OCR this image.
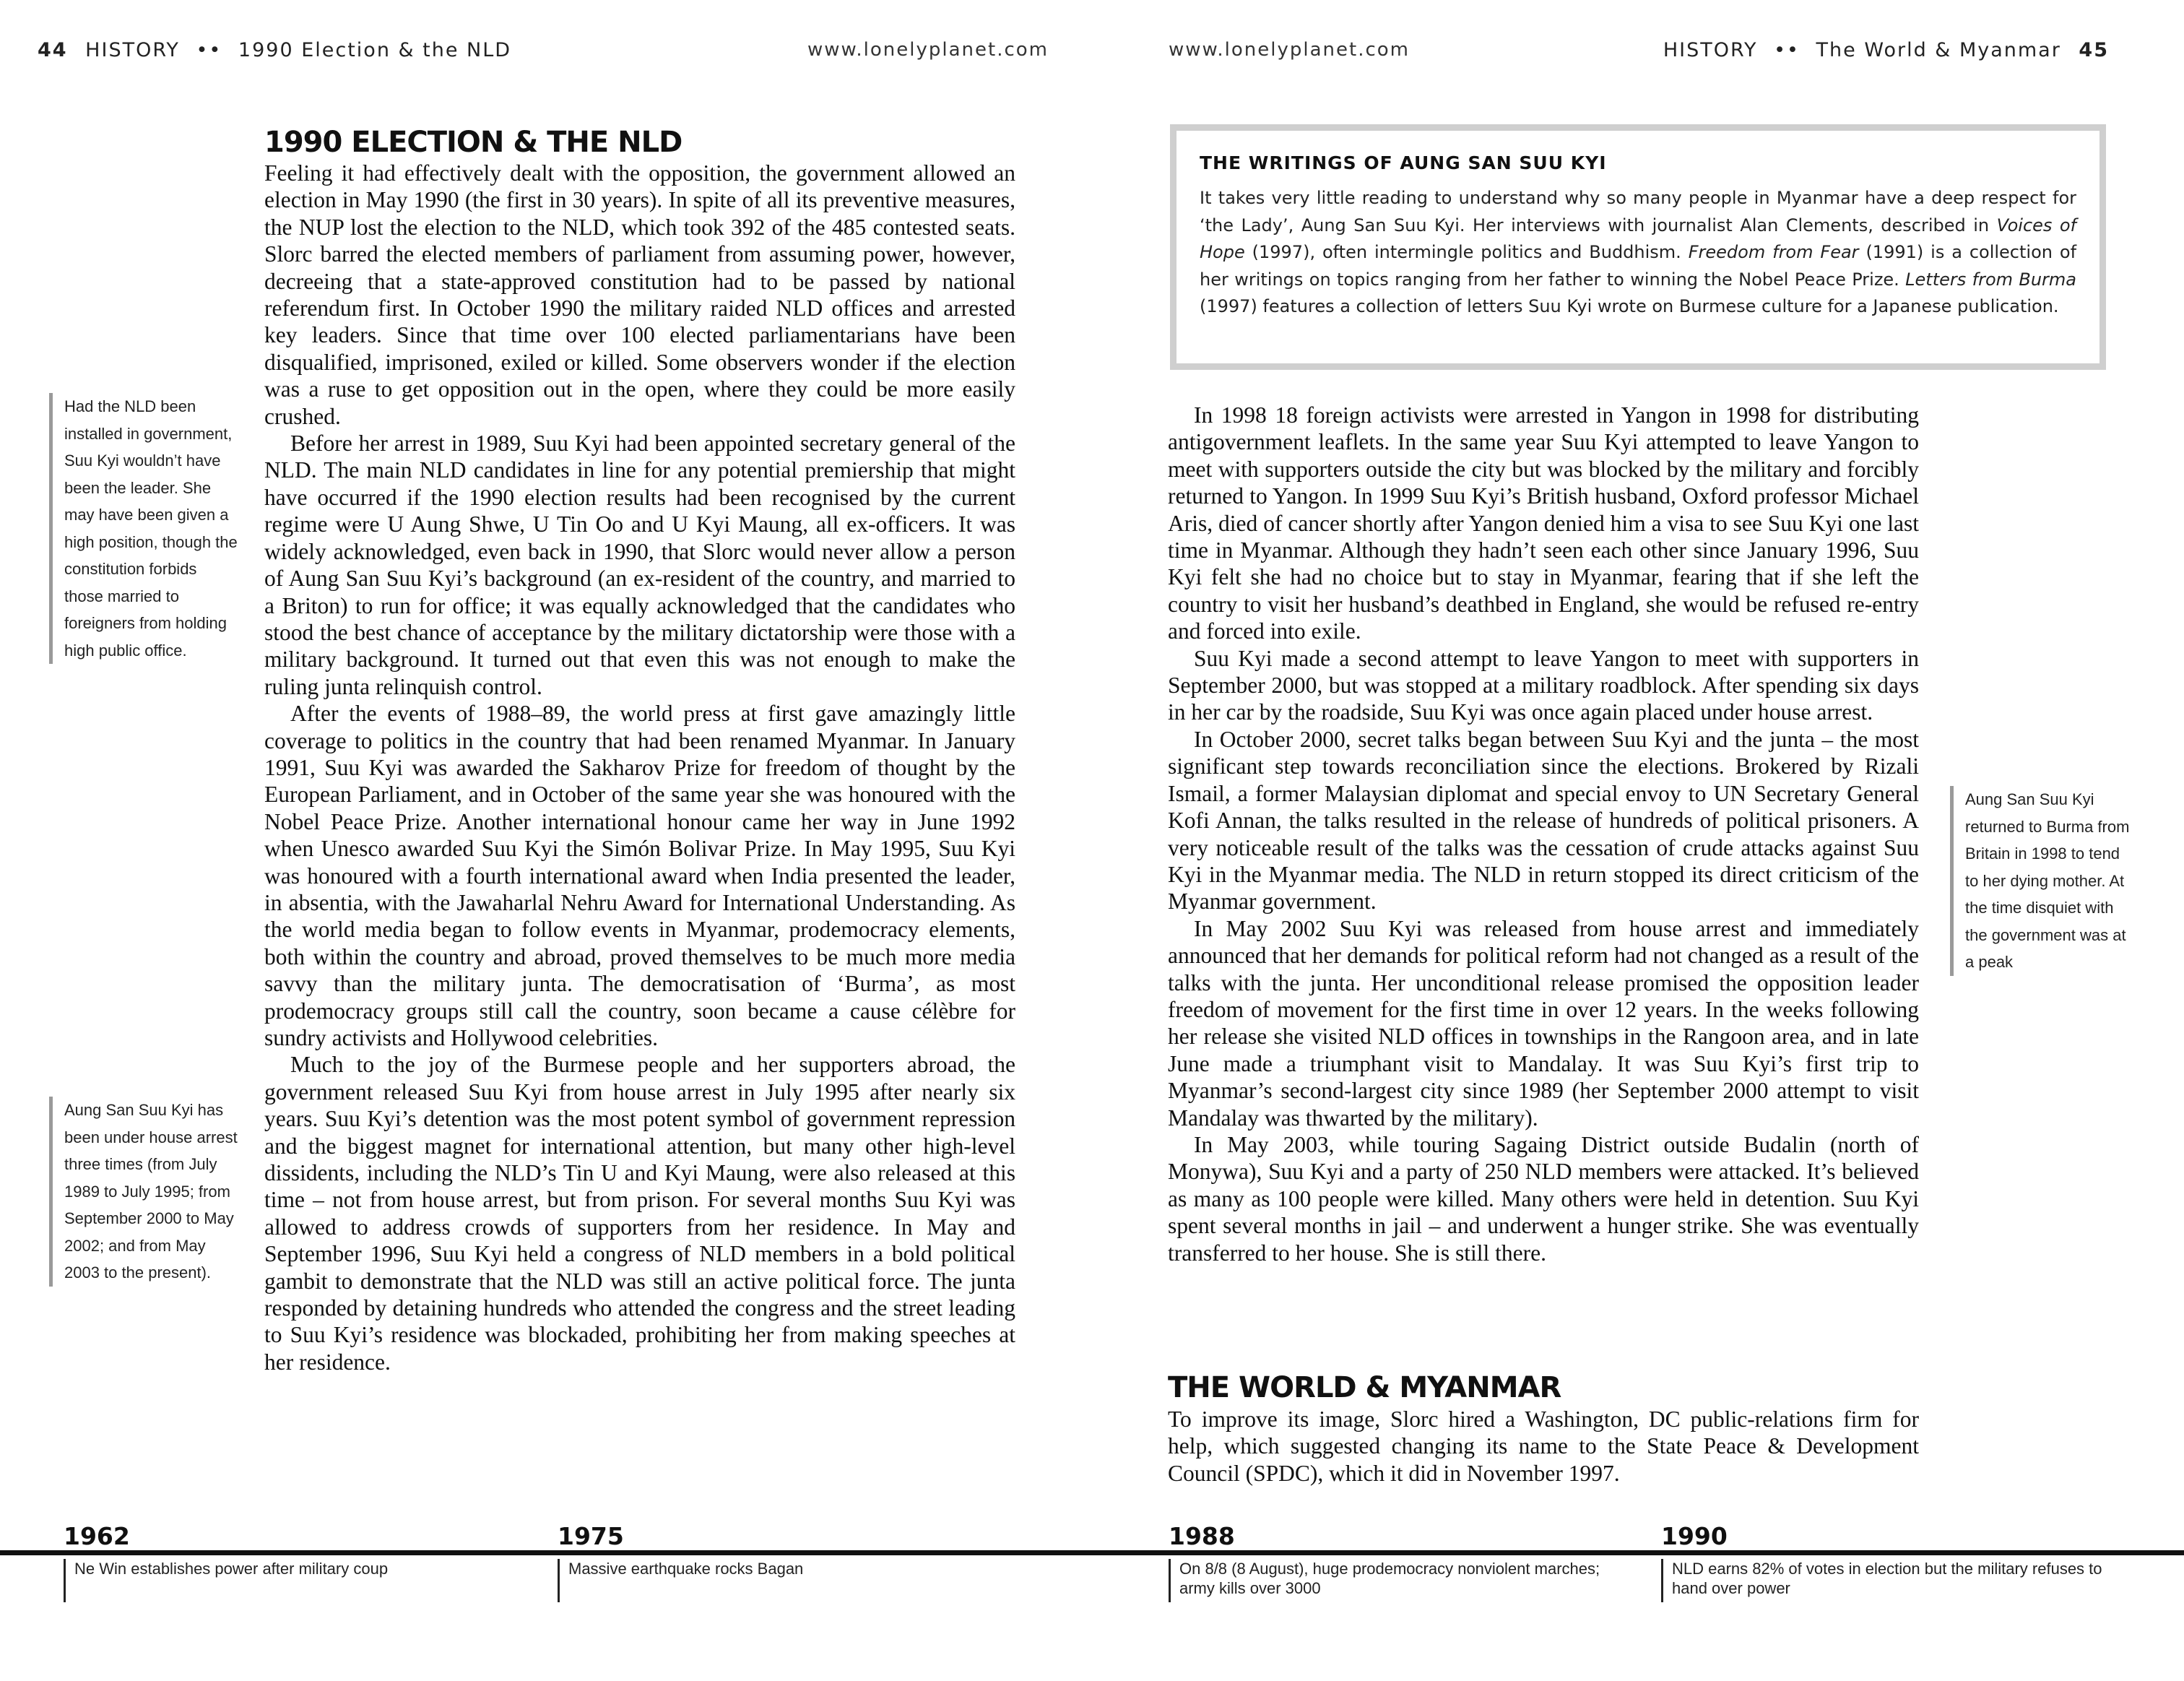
44 HISTORY •• 1990 Election & the NLD	www.lonelyplanet.com
1990 ELECTION & THE NLD

Feeling it had effectively dealt with the opposition, the government allowed an election in May 1990 (the first in 30 years). In spite of all its preventive measures, the NUP lost the election to the NLD, which took 392 of the 485 contested seats. Slorc barred the elected members of parliament from assuming power, however, decreeing that a state-approved constitution had to be passed by national referendum first. In October 1990 the military raided NLD offices and arrested key leaders. Since that time over 100 elected parliamentarians have been disqualified, imprisoned, exiled or killed. Some observers wonder if the election was a ruse to get opposition out in the open, where they could be more easily crushed.

Before her arrest in 1989, Suu Kyi had been appointed secretary general of the NLD. The main NLD candidates in line for any potential premiership that might have occurred if the 1990 election results had been recognised by the current regime were U Aung Shwe, U Tin Oo and U Kyi Maung, all ex-officers. It was widely acknowledged, even back in 1990, that Slorc would never allow a person of Aung San Suu Kyi’s background (an ex-resident of the country, and married to a Briton) to run for office; it was equally acknowledged that the candidates who stood the best chance of acceptance by the military dictatorship were those with a military background. It turned out that even this was not enough to make the ruling junta relinquish control.

After the events of 1988–89, the world press at first gave amazingly little coverage to politics in the country that had been renamed Myanmar. In January 1991, Suu Kyi was awarded the Sakharov Prize for freedom of thought by the European Parliament, and in October of the same year she was honoured with the Nobel Peace Prize. Another international honour came her way in June 1992 when Unesco awarded Suu Kyi the Simón Bolivar Prize. In May 1995, Suu Kyi was honoured with a fourth international award when India presented the leader, in absentia, with the Jawaharlal Nehru Award for International Understanding. As the world media began to follow events in Myanmar, prodemocracy elements, both within the country and abroad, proved themselves to be much more media savvy than the military junta. The democratisation of ‘Burma’, as most prodemocracy groups still call the country, soon became a cause célèbre for sundry activists and Hollywood celebrities.

Much to the joy of the Burmese people and her supporters abroad, the government released Suu Kyi from house arrest in July 1995 after nearly six years. Suu Kyi’s detention was the most potent symbol of government repression and the biggest magnet for international attention, but many other high-level dissidents, including the NLD’s Tin U and Kyi Maung, were also released at this time – not from house arrest, but from prison. For several months Suu Kyi was allowed to address crowds of supporters from her residence. In May and September 1996, Suu Kyi held a congress of NLD members in a bold political gambit to demonstrate that the NLD was still an active political force. The junta responded by detaining hundreds who attended the congress and the street leading to Suu Kyi’s residence was blockaded, prohibiting her from making speeches at her residence.

Had the NLD been installed in government, Suu Kyi wouldn’t have been the leader. She may have been given a high position, though the constitution forbids those married to foreigners from holding high public office.
Aung San Suu Kyi has been under house arrest three times (from July 1989 to July 1995; from September 2000 to May 2002; and from May 2003 to the present).
www.lonelyplanet.com	HISTORY •• The World & Myanmar 45
THE WRITINGS OF AUNG SAN SUU KYI

It takes very little reading to understand why so many people in Myanmar have a deep respect for ‘the Lady’, Aung San Suu Kyi. Her interviews with journalist Alan Clements, described in Voices of Hope (1997), often intermingle politics and Buddhism. Freedom from Fear (1991) is a collection of her writings on topics ranging from her father to winning the Nobel Peace Prize. Letters from Burma (1997) features a collection of letters Suu Kyi wrote on Burmese culture for a Japanese publication.

In 1998 18 foreign activists were arrested in Yangon in 1998 for distributing antigovernment leaflets. In the same year Suu Kyi attempted to leave Yangon to meet with supporters outside the city but was blocked by the military and forcibly returned to Yangon. In 1999 Suu Kyi’s British husband, Oxford professor Michael Aris, died of cancer shortly after Yangon denied him a visa to see Suu Kyi one last time in Myanmar. Although they hadn’t seen each other since January 1996, Suu Kyi felt she had no choice but to stay in Myanmar, fearing that if she left the country to visit her husband’s deathbed in England, she would be refused re-entry and forced into exile.

Suu Kyi made a second attempt to leave Yangon to meet with supporters in September 2000, but was stopped at a military roadblock. After spending six days in her car by the roadside, Suu Kyi was once again placed under house arrest.

In October 2000, secret talks began between Suu Kyi and the junta – the most significant step towards reconciliation since the elections. Brokered by Rizali Ismail, a former Malaysian diplomat and special envoy to UN Secretary General Kofi Annan, the talks resulted in the release of hundreds of political prisoners. A very noticeable result of the talks was the cessation of crude attacks against Suu Kyi in the Myanmar media. The NLD in return stopped its direct criticism of the Myanmar government.

In May 2002 Suu Kyi was released from house arrest and immediately announced that her demands for political reform had not changed as a result of the talks with the junta. Her unconditional release promised the opposition leader freedom of movement for the first time in over 12 years. In the weeks following her release she visited NLD offices in townships in the Rangoon area, and in late June made a triumphant visit to Mandalay. It was Suu Kyi’s first trip to Myanmar’s second-largest city since 1989 (her September 2000 attempt to visit Mandalay was thwarted by the military).

In May 2003, while touring Sagaing District outside Budalin (north of Monywa), Suu Kyi and a party of 250 NLD members were attacked. It’s believed as many as 100 people were killed. Many others were held in detention. Suu Kyi spent several months in jail – and underwent a hunger strike. She was eventually transferred to her house. She is still there.

THE WORLD & MYANMAR

To improve its image, Slorc hired a Washington, DC public-relations firm for help, which suggested changing its name to the State Peace & Development Council (SPDC), which it did in November 1997.

Aung San Suu Kyi returned to Burma from Britain in 1998 to tend to her dying mother. At the time disquiet with the government was at a peak
1962
Ne Win establishes power after military coup
1975
Massive earthquake rocks Bagan
1988
On 8/8 (8 August), huge prodemocracy nonviolent marches; army kills over 3000
1990
NLD earns 82% of votes in election but the military refuses to hand over power
